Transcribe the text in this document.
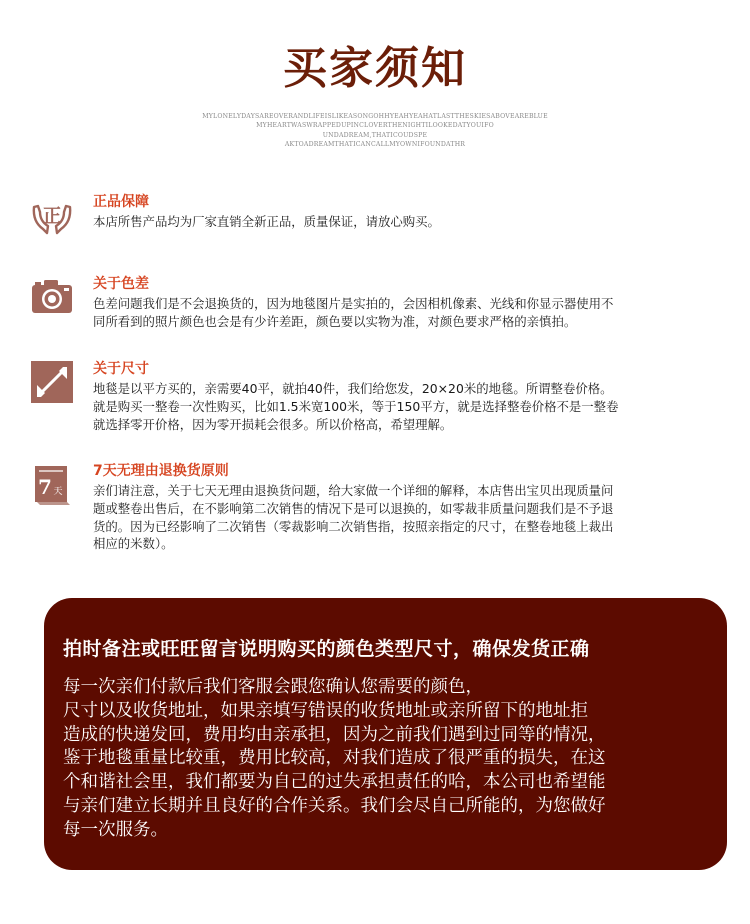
买家须知
MYLONELYDAYSAREOVERANDLIFEISLIKEASONGOHHYEAHYEAHATLASTTHESKIESABOVEAREBLUE
MYHEARTWASWRAPPEDUPINCLOVERTHENIGHTILOOKEDATYOUIFO
UNDADREAM,THATICOUDSPE
AKTOADREAMTHATICANCALLMYOWNIFOUNDATHR
正
正品保障
本店所售产品均为厂家直销全新正品，质量保证，请放心购买。
关于色差
色差问题我们是不会退换货的，因为地毯图片是实拍的，会因相机像素、光线和你显示器使用不
同所看到的照片颜色也会是有少许差距，颜色要以实物为准，对颜色要求严格的亲慎拍。
关于尺寸
地毯是以平方买的，亲需要40平，就拍40件，我们给您发，20×20米的地毯。所谓整卷价格。
就是购买一整卷一次性购买，比如1.5米宽100米，等于150平方，就是选择整卷价格不是一整卷
就选择零开价格，因为零开损耗会很多。所以价格高，希望理解。
7 天
7天无理由退换货原则
亲们请注意，关于七天无理由退换货问题，给大家做一个详细的解释，本店售出宝贝出现质量问
题或整卷出售后，在不影响第二次销售的情况下是可以退换的，如零裁非质量问题我们是不予退
货的。因为已经影响了二次销售（零裁影响二次销售指，按照亲指定的尺寸，在整卷地毯上裁出
相应的米数）。
拍时备注或旺旺留言说明购买的颜色类型尺寸，确保发货正确
每一次亲们付款后我们客服会跟您确认您需要的颜色，
尺寸以及收货地址，如果亲填写错误的收货地址或亲所留下的地址拒
造成的快递发回，费用均由亲承担，因为之前我们遇到过同等的情况，
鉴于地毯重量比较重，费用比较高，对我们造成了很严重的损失，在这
个和谐社会里，我们都要为自己的过失承担责任的哈，本公司也希望能
与亲们建立长期并且良好的合作关系。我们会尽自己所能的，为您做好
每一次服务。
